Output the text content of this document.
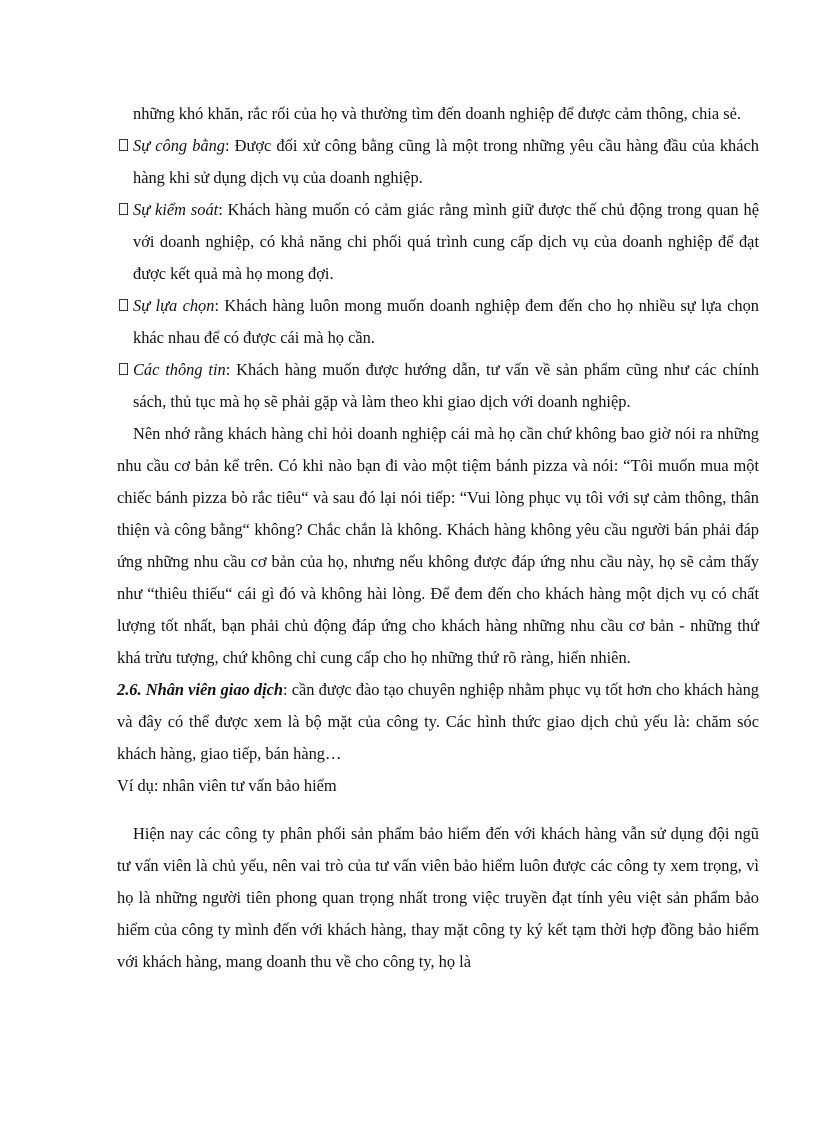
những khó khăn, rắc rối của họ và thường tìm đến doanh nghiệp để được cảm thông, chia sẻ.

Sự công bằng: Được đối xử công bằng cũng là một trong những yêu cầu hàng đầu của khách hàng khi sử dụng dịch vụ của doanh nghiệp.

Sự kiểm soát: Khách hàng muốn có cảm giác rằng mình giữ được thế chủ động trong quan hệ với doanh nghiệp, có khả năng chi phối quá trình cung cấp dịch vụ của doanh nghiệp để đạt được kết quả mà họ mong đợi.

Sự lựa chọn: Khách hàng luôn mong muốn doanh nghiệp đem đến cho họ nhiều sự lựa chọn khác nhau để có được cái mà họ cần.

Các thông tin: Khách hàng muốn được hướng dẫn, tư vấn về sản phẩm cũng như các chính sách, thủ tục mà họ sẽ phải gặp và làm theo khi giao dịch với doanh nghiệp.

Nên nhớ rằng khách hàng chỉ hỏi doanh nghiệp cái mà họ cần chứ không bao giờ nói ra những nhu cầu cơ bản kể trên. Có khi nào bạn đi vào một tiệm bánh pizza và nói: “Tôi muốn mua một chiếc bánh pizza bò rắc tiêu“ và sau đó lại nói tiếp: “Vui lòng phục vụ tôi với sự cảm thông, thân thiện và công bằng“ không? Chắc chắn là không. Khách hàng không yêu cầu người bán phải đáp ứng những nhu cầu cơ bản của họ, nhưng nếu không được đáp ứng nhu cầu này, họ sẽ cảm thấy như “thiêu thiếu“ cái gì đó và không hài lòng. Để đem đến cho khách hàng một dịch vụ có chất lượng tốt nhất, bạn phải chủ động đáp ứng cho khách hàng những nhu cầu cơ bản - những thứ khá trừu tượng, chứ không chỉ cung cấp cho họ những thứ rõ ràng, hiển nhiên.

2.6. Nhân viên giao dịch: cần được đào tạo chuyên nghiệp nhằm phục vụ tốt hơn cho khách hàng và đây có thể được xem là bộ mặt của công ty. Các hình thức giao dịch chủ yếu là: chăm sóc khách hàng, giao tiếp, bán hàng…

Ví dụ: nhân viên tư vấn bảo hiểm

Hiện nay các công ty phân phối sản phẩm bảo hiểm đến với khách hàng vẫn sử dụng đội ngũ tư vấn viên là chủ yếu, nên vai trò của tư vấn viên bảo hiểm luôn được các công ty xem trọng, vì họ là những người tiên phong quan trọng nhất trong việc truyền đạt tính yêu việt sản phẩm bảo hiểm của công ty mình đến với khách hàng, thay mặt công ty ký kết tạm thời hợp đồng bảo hiểm với khách hàng, mang doanh thu về cho công ty, họ là
